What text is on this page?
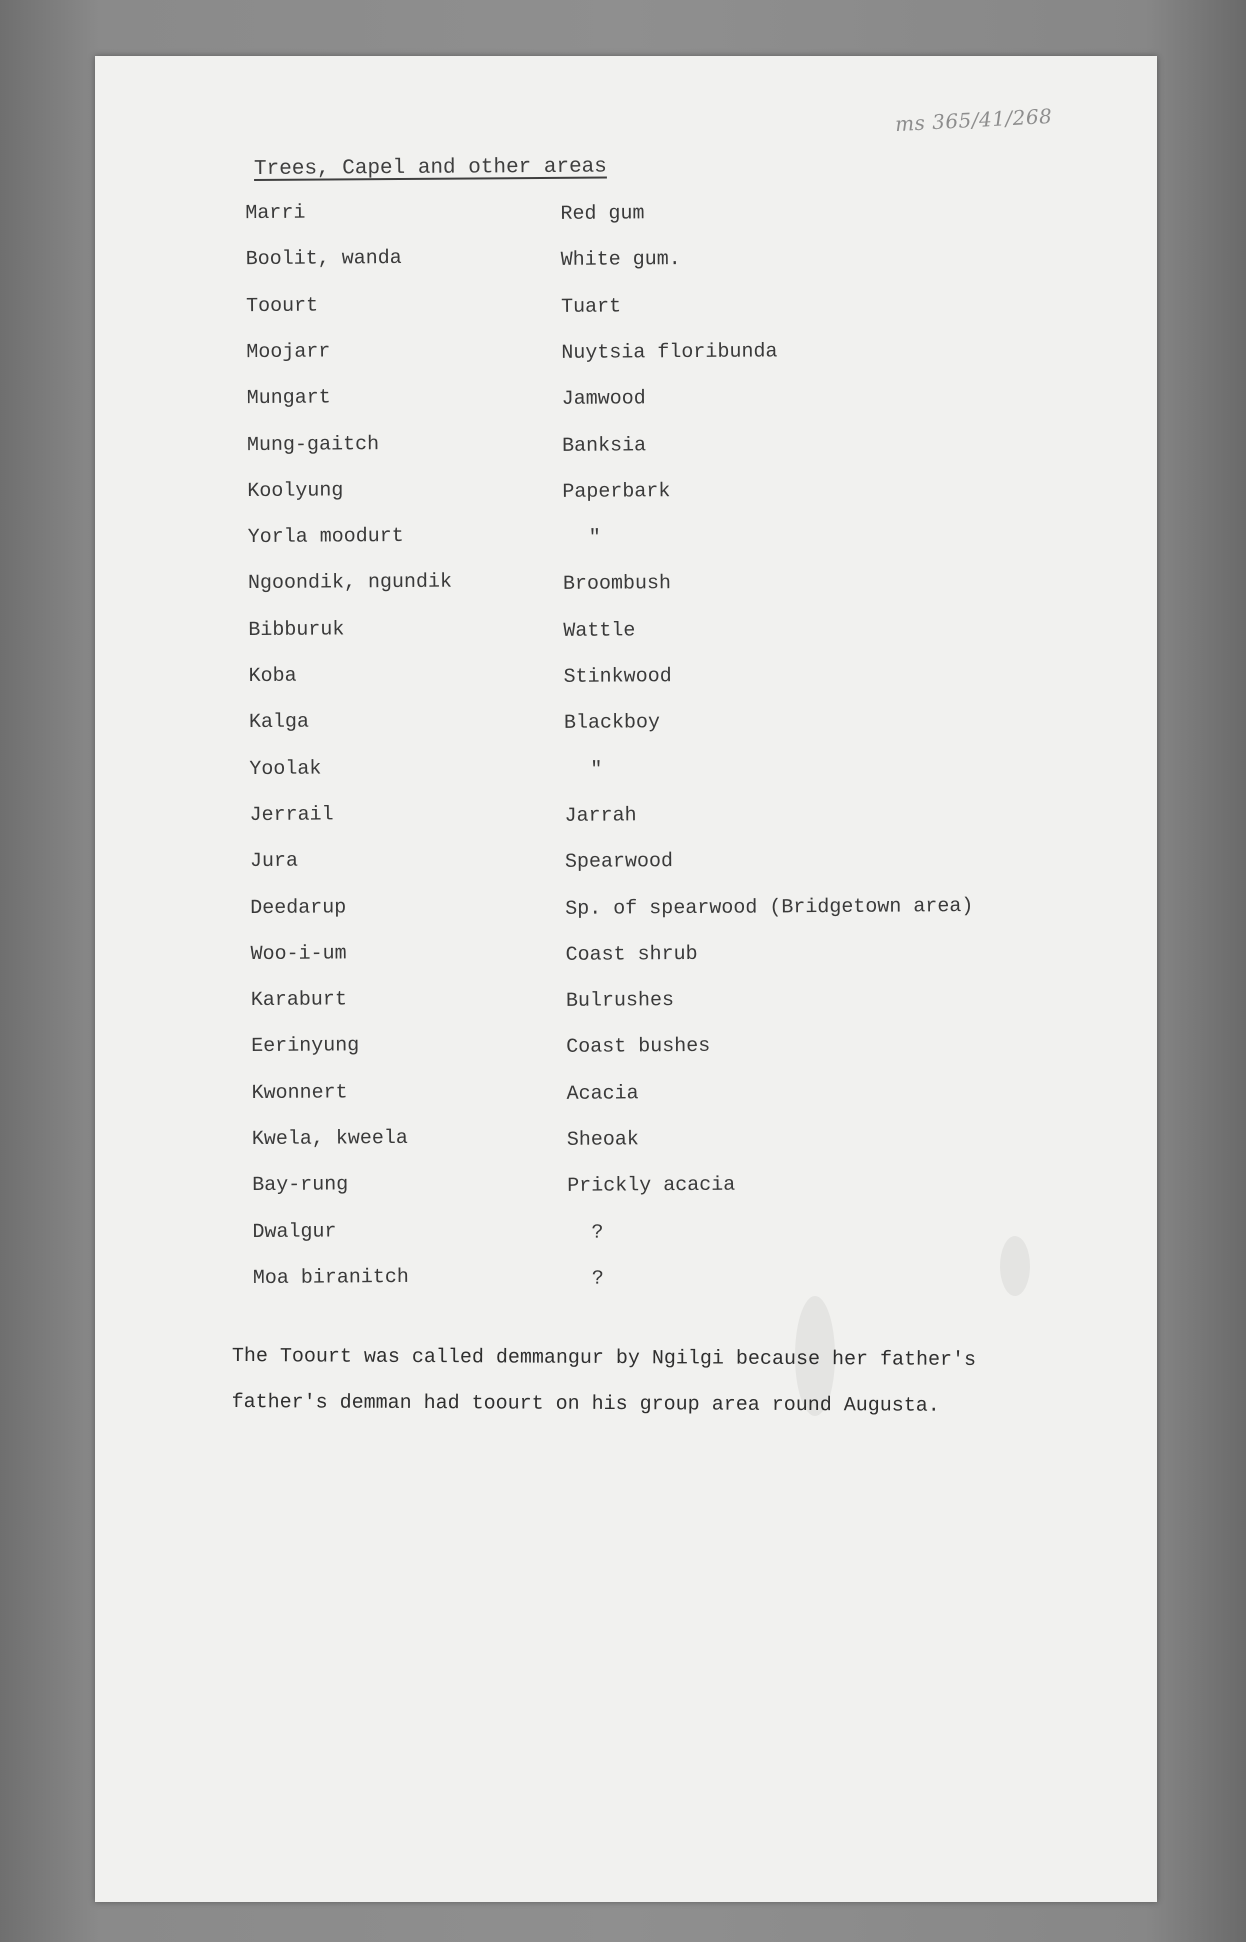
ms 365/41/268
Trees, Capel and other areas
Marri	Red gum
Boolit, wanda	White gum.
Toourt	Tuart
Moojarr	Nuytsia floribunda
Mungart	Jamwood
Mung-gaitch	Banksia
Koolyung	Paperbark
Yorla moodurt	"
Ngoondik, ngundik	Broombush
Bibburuk	Wattle
Koba	Stinkwood
Kalga	Blackboy
Yoolak	"
Jerrail	Jarrah
Jura	Spearwood
Deedarup	Sp. of spearwood (Bridgetown area)
Woo-i-um	Coast shrub
Karaburt	Bulrushes
Eerinyung	Coast bushes
Kwonnert	Acacia
Kwela, kweela	Sheoak
Bay-rung	Prickly acacia
Dwalgur	?
Moa biranitch	?

The Toourt was called demmangur by Ngilgi because her father's

father's demman had toourt on his group area round Augusta.
